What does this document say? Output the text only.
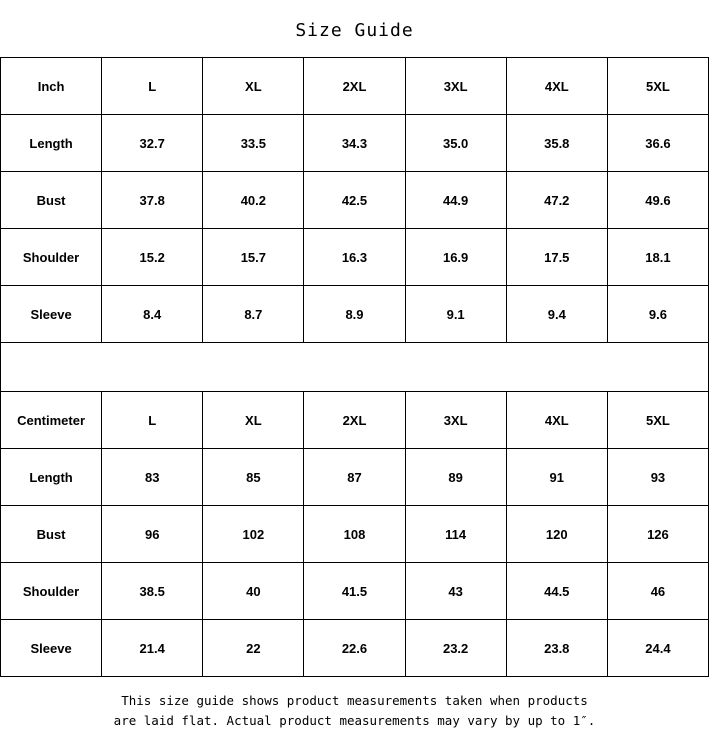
Size Guide
Inch	L	XL	2XL	3XL	4XL	5XL
Length	32.7	33.5	34.3	35.0	35.8	36.6
Bust	37.8	40.2	42.5	44.9	47.2	49.6
Shoulder	15.2	15.7	16.3	16.9	17.5	18.1
Sleeve	8.4	8.7	8.9	9.1	9.4	9.6
Centimeter	L	XL	2XL	3XL	4XL	5XL
Length	83	85	87	89	91	93
Bust	96	102	108	114	120	126
Shoulder	38.5	40	41.5	43	44.5	46
Sleeve	21.4	22	22.6	23.2	23.8	24.4
This size guide shows product measurements taken when products
are laid flat. Actual product measurements may vary by up to 1″.
